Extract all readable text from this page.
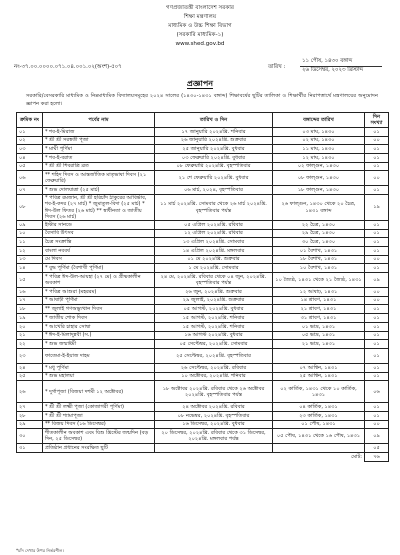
গণপ্রজাতন্ত্রী বাংলাদেশ সরকার
শিক্ষা মন্ত্রণালয়
মাধ্যমিক ও উচ্চ শিক্ষা বিভাগ
(সরকারি মাধ্যমিক-১)
www.shed.gov.bd
নং-৩৭.০০.০০০০.০৭১.০৪.০০১.০২(অংশ)-৫০৭	তারিখ :
১১ পৌষ, ১৪৩০ বঙ্গাব্দ
২৬ ডিসেম্বর, ২০২৩ খ্রিস্টাব্দ
প্রজ্ঞাপন
সরকারি/বেসরকারি মাধ্যমিক ও নিম্নমাধ্যমিক বিদ্যালয়সমূহের ২০২৪ সালের (১৪৩০-১৪৩১ বঙ্গাব্দ) শিক্ষাবর্ষের ছুটির তালিকা ও শিক্ষার্থীর নিরাপত্তার্থে মন্ত্রণালয়ের অনুমোদন জ্ঞাপন করা হলো।
ক্রমিক নং	পর্বের নাম	তারিখ ও দিন	বঙ্গাব্দের তারিখ	দিন সংখ্যা
০১	* শব-ই-মিরাজ	১৭ জানুয়ারি ২০২৪খ্রি. শনিবার	০৩ মাঘ, ১৪৩০	০১
০২	* শ্রী শ্রী সরস্বতী পূজা	২৬ জানুয়ারি ২০২৪খ্রি. শুক্রবার	০২ মাঘ, ১৪৩০	০০
০৩	* মাঘী পূর্ণিমা	২৫ জানুয়ারি ২০২৪খ্রি. বুধবার	১১ মাঘ, ১৪৩০	০১
০৪	* শব-ই-বরাত	০৩ ফেব্রুয়ারি ২০২৪খ্রি. বুধবার	১২ মাঘ, ১৪৩০	০১
০৫	* শ্রী শ্রী শিবরাত্রি ব্রত	০৮ ফেব্রুয়ারি ২০২৪খ্রি. বৃহস্পতিবার	০২ ফাল্গুন, ১৪৩০	০১
০৬	** শহিদ দিবস ও আন্তর্জাতিক মাতৃভাষা দিবস (২১ ফেব্রুয়ারি)	২১ শে ফেব্রুয়ারি ২০২৪খ্রি. বুধবার	০৮ ফাল্গুন, ১৪৩০	০০
০৭	* শুভ দোলযাত্রা (২৫ মার্চ)	০৬ মার্চ, ২০২৪, বৃহস্পতিবার	১৮ ফাল্গুন, ১৪৩০	০১
০৮	* পবিত্র রমজান, শ্রী শ্রী হরিচাঁদ ঠাকুরের আবির্ভাব, শব-ই-কদর (২৭ মার্চ) * জুমাতুল-বিদা (২৫ মার্চ) * ঈদ-উল ফিতর (২৬ মার্চ) ** স্বাধীনতা ও জাতীয় দিবস (২৬ মার্চ)	১১ মার্চ ২০২৪খ্রি. সোমবার থেকে ২৬ মার্চ ২০২৪খ্রি. বৃহস্পতিবার পর্যন্ত	২৬ ফাল্গুন, ১৪৩০ থেকে ২০ চৈত্র, ১৪৩১ বঙ্গাব্দ	১৯
০৯	ইস্টার সানডে	০৫ এপ্রিল ২০২৪খ্রি. রবিবার	২২ চৈত্র, ১৪৩০	০১
১০	বৈসাবি উৎসব	১২ এপ্রিল ২০২৪খ্রি. রবিবার	২৯ চৈত্র, ১৪৩০	০১
১১	চৈত্র সংক্রান্তি	১৩ এপ্রিল ২০২৪খ্রি. সোমবার	৩০ চৈত্র, ১৪৩০	০১
১২	বাংলা নববর্ষ	১৪ এপ্রিল ২০২৪খ্রি. মঙ্গলবার	০১ বৈশাখ, ১৪৩১	০১
১৩	মে দিবস	০১ মে ২০২৪খ্রি. শুক্রবার	১৮ বৈশাখ, ১৪৩১	০০
১৪	* বুদ্ধ পূর্ণিমা (বৈশাখী পূর্ণিমা)	১ মে ২০২৪খ্রি. সোমবার	১০ বৈশাখ, ১৪৩১	০১
১৫	* পবিত্র ঈদ-উল-আযহা (২৭ মে) ও গ্রীষ্মকালীন অবকাশ	২৪ মে, ২০২৪খ্রি. রবিবার থেকে ০৪ জুন, ২০২৪খ্রি. বৃহস্পতিবার পর্যন্ত	১০ জ্যৈষ্ঠ, ১৪৩১ থেকে ২১ জ্যৈষ্ঠ, ১৪৩১	০৯
১৬	* পবিত্র আশুরা (মহররম)	২৬ জুন, ২০২৪খ্রি. শুক্রবার	১২ আষাঢ়, ১৪৩১	০০
১৭	* আষাঢ়ী পূর্ণিমা	২৯ জুলাই, ২০২৪খ্রি. শুক্রবার	১৪ শ্রাবণ, ১৪৩১	০০
১৮	** জুলাই গণঅভ্যুত্থান দিবস	০৫ আগস্ট, ২০২৪খ্রি. বুধবার	২১ শ্রাবণ, ১৪৩১	০১
১৯	* জাতীয় শোক দিবস	১৫ আগস্ট, ২০২৪খ্রি. শনিবার	৩১ শ্রাবণ, ১৪৩১	০১
২০	* আখেরি চাহার সোম্বা	১৫ আগস্ট, ২০২৪খ্রি. শনিবার	০১ ভাদ্র, ১৪৩১	০১
২১	* ঈদ-ই-মিলাদুন্নবী (স.)	১৬ আগস্ট ২০২৪খ্রি. বুধবার	০৫ ভাদ্র, ১৪৩১	০১
২২	* শুভ জন্মাষ্টমী	০৫ সেপ্টেম্বর, ২০২৪খ্রি. সোমবার	২১ ভাদ্র, ১৪৩১	০১
২৩	ফাতেমা-ই-ইয়াজ দাহম	২৫ সেপ্টেম্বর, ২০২৪খ্রি. বৃহস্পতিবার		০১
২৪	* মধু পূর্ণিমা	২৬ সেপ্টেম্বর, ২০২৪খ্রি. রবিবার	০৭ আশ্বিন, ১৪৩১	০১
২৫	* শুভ মহালয়া	১০ অক্টোবর, ২০২৪খ্রি. শনিবার	২৫ আশ্বিন, ১৪৩১	০১
২৬	* দুর্গাপূজা (বিজয়া দশমী ১২ অক্টোবর)	১৮ অক্টোবর ২০২৪খ্রি. রবিবার থেকে ২৬ অক্টোবর ২০২৪খ্রি. বৃহস্পতিবার পর্যন্ত	০২ কার্তিক, ১৪৩১ থেকে ১০ কার্তিক, ১৪৩১	০৬
২৭	* শ্রী শ্রী লক্ষ্মী পূজা (কোজাগরী পূর্ণিমা)	২৪ অক্টোবর ২০২৪খ্রি. রবিবার	০৪ কার্তিক, ১৪৩১	০১
২৮	* শ্রী শ্রী শ্যামাপূজা	০৮ নভেম্বর, ২০২৪খ্রি. বৃহস্পতিবার	২৩ কার্তিক, ১৪৩১	০১
২৯	** বিজয় দিবস (১৬ ডিসেম্বর)	১৬ ডিসেম্বর, ২০২৪খ্রি. বুধবার	০১ পৌষ, ১৪৩১	০০
৩০	শীতকালীন অবকাশ এবং যিশু খ্রিস্টের জন্মদিন (বড় দিন, ২৫ ডিসেম্বর)	২০ ডিসেম্বর, ২০২৪খ্রি. রবিবার থেকে ৩১ ডিসেম্বর, ২০২৪খ্রি. মঙ্গলবার পর্যন্ত	০৫ পৌষ, ১৪৩১ থেকে ১৬ পৌষ, ১৪৩১	০৯
৩১	প্রতিষ্ঠান প্রধানের সংরক্ষিত ছুটি			০৫
মোট:				৭৬
*চাঁদ দেখার উপর নির্ভরশীল।
